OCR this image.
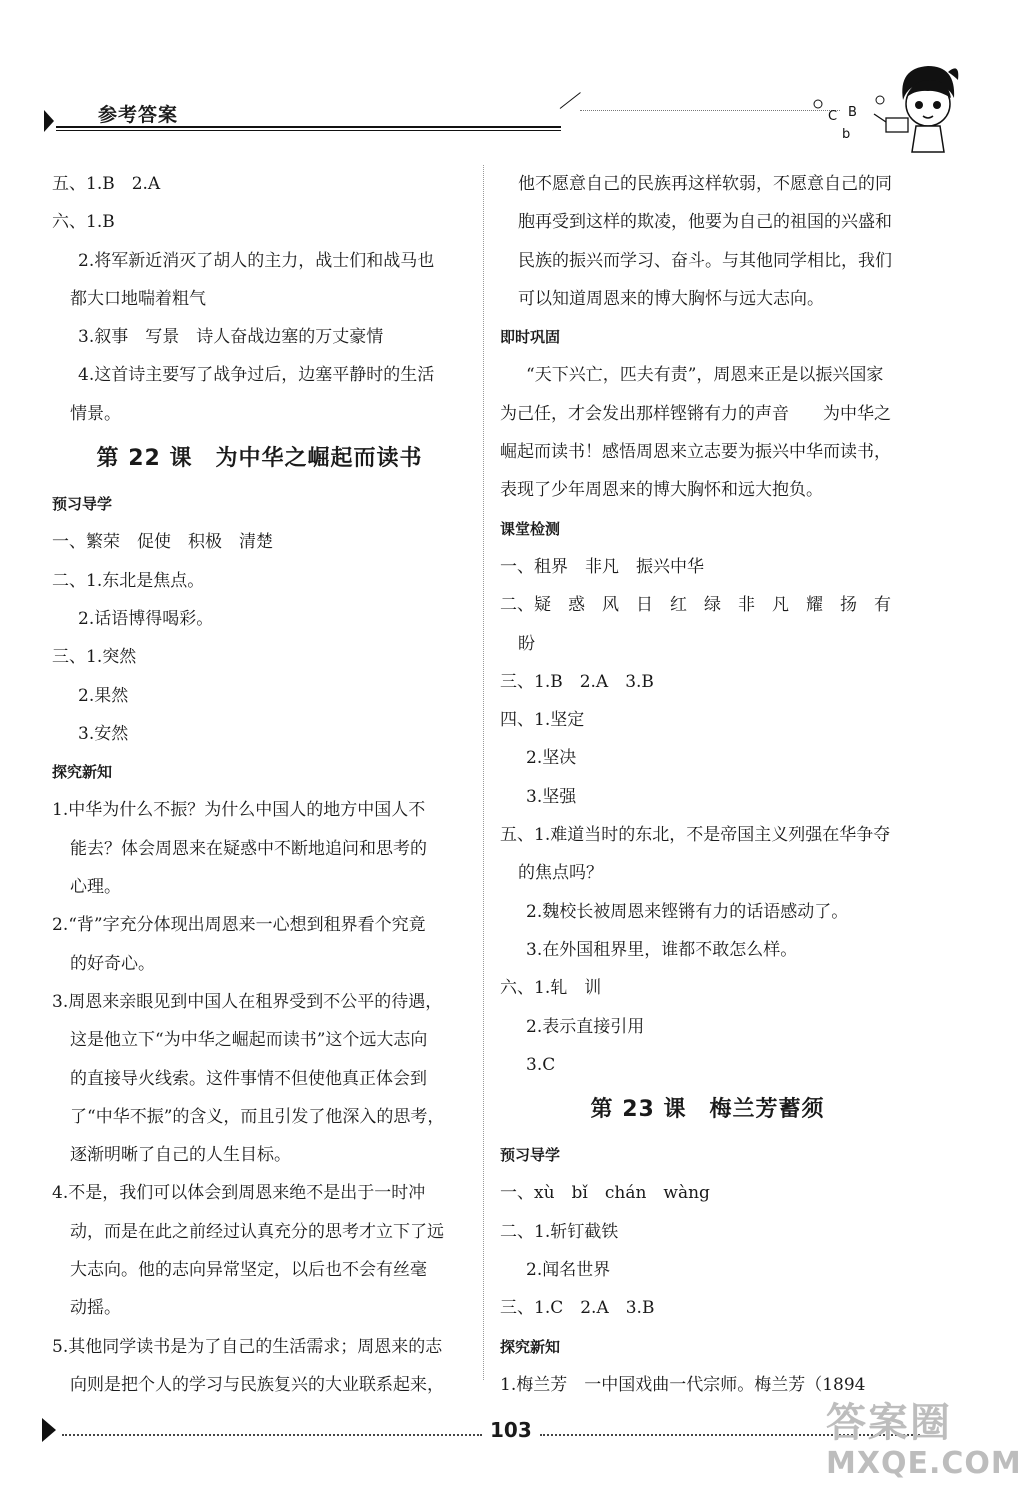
参考答案	C B
b
五、1.B　2.A
六、1.B
2.将军新近消灭了胡人的主力，战士们和战马也
都大口地喘着粗气
3.叙事　写景　诗人奋战边塞的万丈豪情
4.这首诗主要写了战争过后，边塞平静时的生活
情景。
第 22 课　为中华之崛起而读书
预习导学
一、繁荣　促使　积极　清楚
二、1.东北是焦点。
2.话语博得喝彩。
三、1.突然
2.果然
3.安然
探究新知
1.中华为什么不振？为什么中国人的地方中国人不
能去？体会周恩来在疑惑中不断地追问和思考的
心理。
2.“背”字充分体现出周恩来一心想到租界看个究竟
的好奇心。
3.周恩来亲眼见到中国人在租界受到不公平的待遇，
这是他立下“为中华之崛起而读书”这个远大志向
的直接导火线索。这件事情不但使他真正体会到
了“中华不振”的含义，而且引发了他深入的思考，
逐渐明晰了自己的人生目标。
4.不是，我们可以体会到周恩来绝不是出于一时冲
动，而是在此之前经过认真充分的思考才立下了远
大志向。他的志向异常坚定，以后也不会有丝毫
动摇。
5.其他同学读书是为了自己的生活需求；周恩来的志
向则是把个人的学习与民族复兴的大业联系起来，
他不愿意自己的民族再这样软弱，不愿意自己的同
胞再受到这样的欺凌，他要为自己的祖国的兴盛和
民族的振兴而学习、奋斗。与其他同学相比，我们
可以知道周恩来的博大胸怀与远大志向。
即时巩固
“天下兴亡，匹夫有责”，周恩来正是以振兴国家
为己任，才会发出那样铿锵有力的声音　　为中华之
崛起而读书！感悟周恩来立志要为振兴中华而读书，
表现了少年周恩来的博大胸怀和远大抱负。
课堂检测
一、租界　非凡　振兴中华
二、疑　惑　风　日　红　绿　非　凡　耀　扬　有
盼
三、1.B　2.A　3.B
四、1.坚定
2.坚决
3.坚强
五、1.难道当时的东北，不是帝国主义列强在华争夺
的焦点吗？
2.魏校长被周恩来铿锵有力的话语感动了。
3.在外国租界里，谁都不敢怎么样。
六、1.轧　训
2.表示直接引用
3.C
第 23 课　梅兰芳蓄须
预习导学
一、xù　bǐ　chán　wàng
二、1.斩钉截铁
2.闻名世界
三、1.C　2.A　3.B
探究新知
1.梅兰芳　一中国戏曲一代宗师。梅兰芳（1894
103	答案圈
MXQE.COM
